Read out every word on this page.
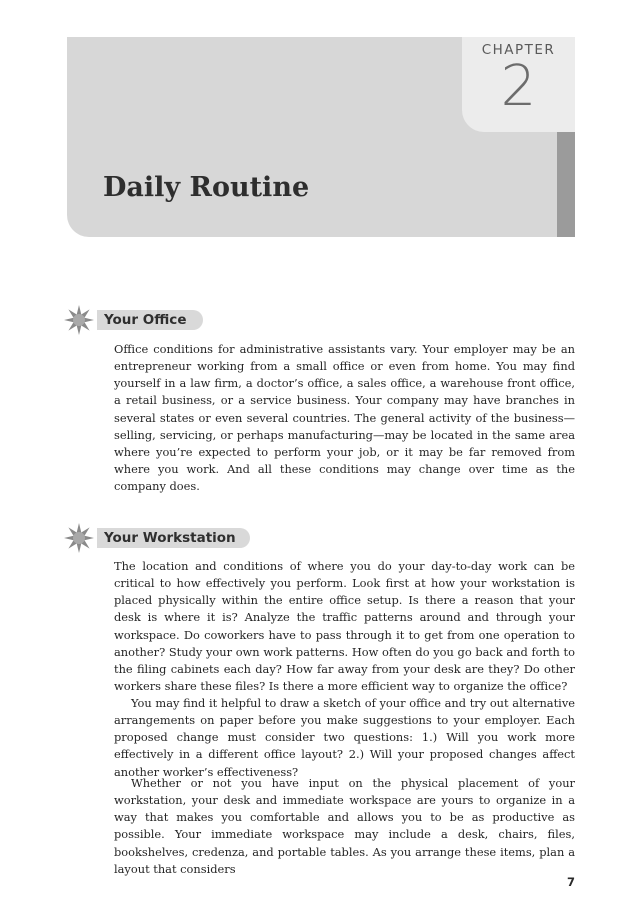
CHAPTER
2
Daily Routine
Your Office

Office conditions for administrative assistants vary. Your employer may be an entrepreneur working from a small office or even from home. You may find yourself in a law firm, a doctor’s office, a sales office, a warehouse front office, a retail business, or a service business. Your company may have branches in several states or even several countries. The general activity of the business—selling, servicing, or perhaps manufacturing—may be located in the same area where you’re expected to perform your job, or it may be far removed from where you work. And all these conditions may change over time as the company does.

Your Workstation

The location and conditions of where you do your day-to-day work can be critical to how effectively you perform. Look first at how your workstation is placed physically within the entire office setup. Is there a reason that your desk is where it is? Analyze the traffic patterns around and through your workspace. Do coworkers have to pass through it to get from one operation to another? Study your own work patterns. How often do you go back and forth to the filing cabinets each day? How far away from your desk are they? Do other workers share these files? Is there a more efficient way to organize the office?

You may find it helpful to draw a sketch of your office and try out alternative arrangements on paper before you make suggestions to your employer. Each proposed change must consider two questions: 1.) Will you work more effectively in a different office layout? 2.) Will your proposed changes affect another worker’s effectiveness?

Whether or not you have input on the physical placement of your workstation, your desk and immediate workspace are yours to organize in a way that makes you comfortable and allows you to be as productive as possible. Your immediate workspace may include a desk, chairs, files, bookshelves, credenza, and portable tables. As you arrange these items, plan a layout that considers

7
